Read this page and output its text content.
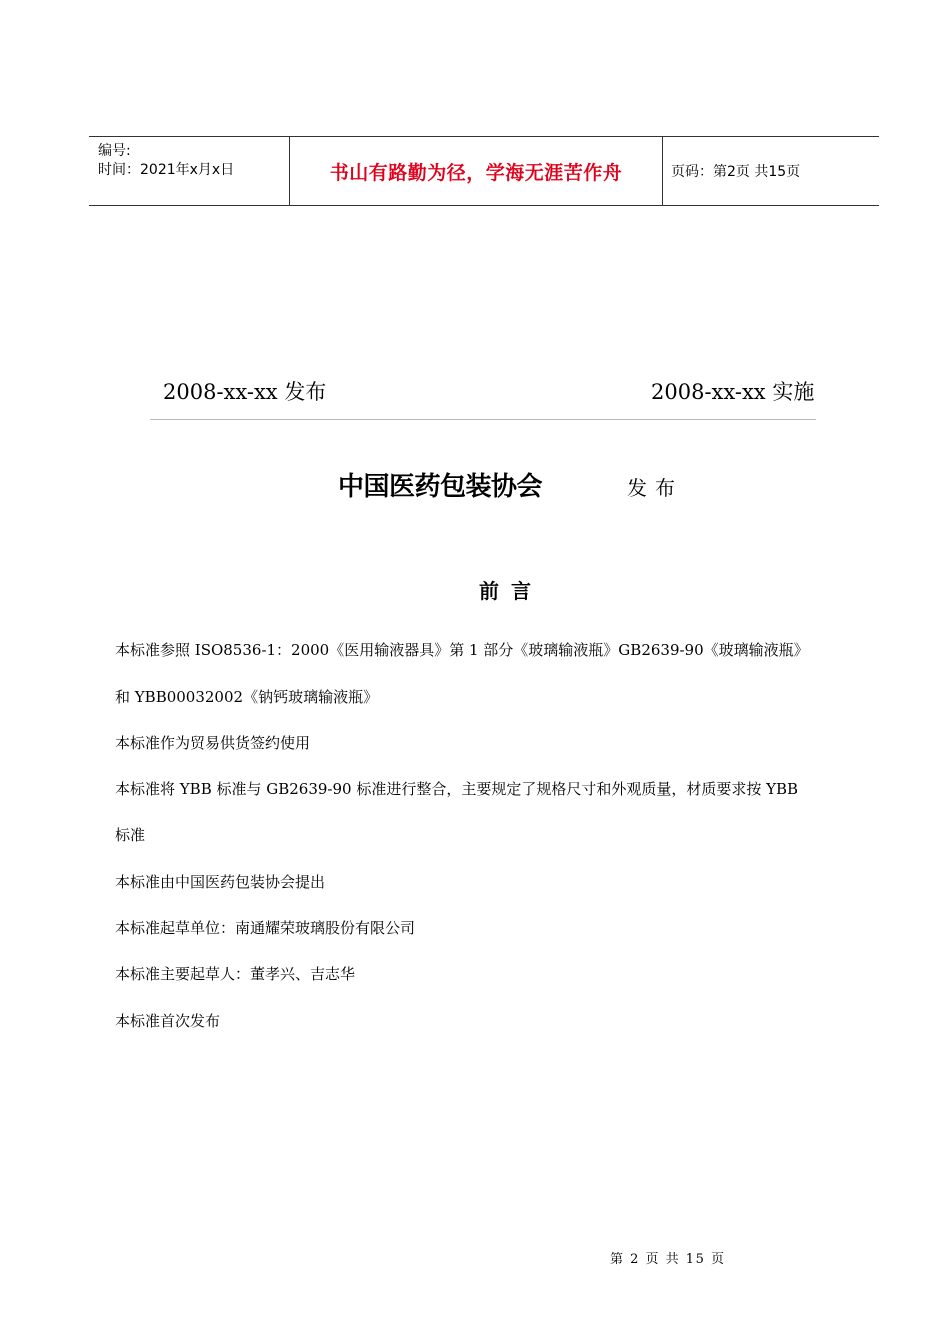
编号:
时间：2021年x月x日	书山有路勤为径，学海无涯苦作舟	页码：第2页 共15页
2008-xx-xx 发布	2008-xx-xx 实施
中国医药包装协会	发布
前言
本标准参照 ISO8536-1：2000《医用输液器具》第 1 部分《玻璃输液瓶》GB2639-90《玻璃输液瓶》
和 YBB00032002《钠钙玻璃输液瓶》
本标准作为贸易供货签约使用
本标准将 YBB 标准与 GB2639-90 标准进行整合，主要规定了规格尺寸和外观质量，材质要求按 YBB
标准
本标准由中国医药包装协会提出
本标准起草单位：南通耀荣玻璃股份有限公司
本标准主要起草人：董孝兴、吉志华
本标准首次发布
第 2 页 共 15 页
